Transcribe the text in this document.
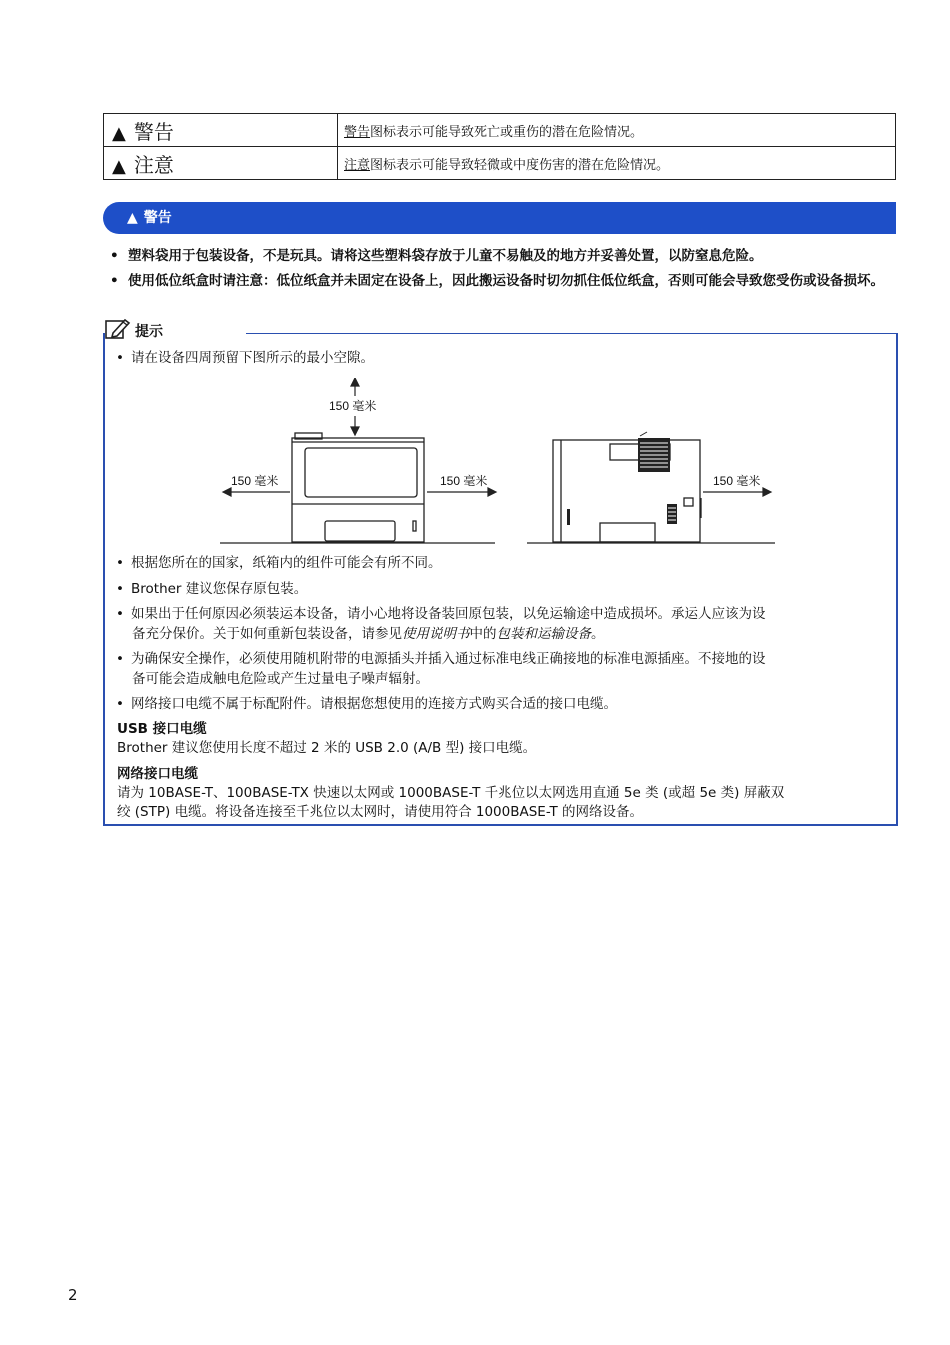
▲ 警告	警告图标表示可能导致死亡或重伤的潜在危险情况。
▲ 注意	注意图标表示可能导致轻微或中度伤害的潜在危险情况。
▲ 警告
• 塑料袋用于包装设备，不是玩具。请将这些塑料袋存放于儿童不易触及的地方并妥善处置，以防窒息危险。
• 使用低位纸盒时请注意：低位纸盒并未固定在设备上，因此搬运设备时切勿抓住低位纸盒，否则可能会导致您受伤或设备损坏。
提示
• 请在设备四周预留下图所示的最小空隙。
150 毫米
150 毫米	150 毫米	150 毫米
• 根据您所在的国家，纸箱内的组件可能会有所不同。
• Brother 建议您保存原包装。
• 如果出于任何原因必须装运本设备，请小心地将设备装回原包装，以免运输途中造成损坏。承运人应该为设
备充分保价。关于如何重新包装设备，请参见使用说明书中的包装和运输设备。
• 为确保安全操作，必须使用随机附带的电源插头并插入通过标准电线正确接地的标准电源插座。不接地的设
备可能会造成触电危险或产生过量电子噪声辐射。
• 网络接口电缆不属于标配附件。请根据您想使用的连接方式购买合适的接口电缆。
USB 接口电缆
Brother 建议您使用长度不超过 2 米的 USB 2.0 (A/B 型) 接口电缆。
网络接口电缆
请为 10BASE-T、100BASE-TX 快速以太网或 1000BASE-T 千兆位以太网选用直通 5e 类 (或超 5e 类) 屏蔽双
绞 (STP) 电缆。将设备连接至千兆位以太网时，请使用符合 1000BASE-T 的网络设备。
2
